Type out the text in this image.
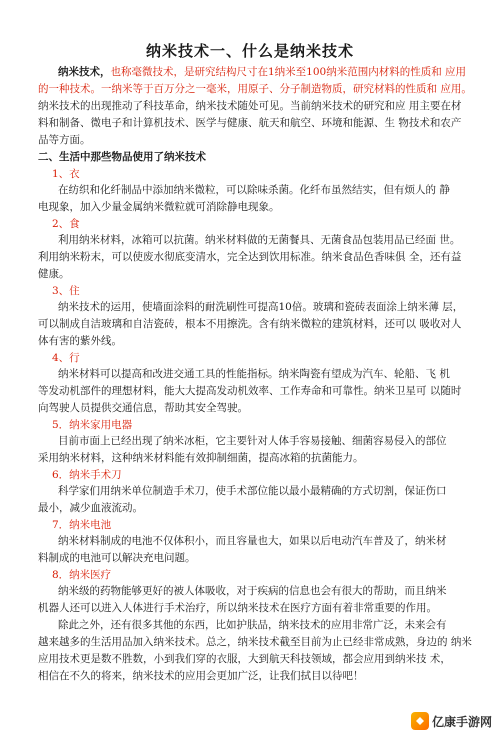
纳米技术一、什么是纳米技术
纳米技术，也称毫微技术，是研究结构尺寸在1纳米至100纳米范围内材料的性质和 应用
的一种技术。一纳米等于百万分之一毫米，用原子、分子制造物质，研究材料的性质和 应用。
纳米技术的出现推动了科技革命，纳米技术随处可见。当前纳米技术的研究和应 用主要在材
料和制备、微电子和计算机技术、医学与健康、航天和航空、环境和能源、生 物技术和农产
品等方面。
二、生活中那些物品使用了纳米技术
1、衣
在纺织和化纤制品中添加纳米微粒，可以除味杀菌。化纤布虽然结实，但有烦人的 静
电现象，加入少量金属纳米微粒就可消除静电现象。
2、食
利用纳米材料，冰箱可以抗菌。纳米材料做的无菌餐具、无菌食品包装用品已经面 世。
利用纳米粉末，可以使废水彻底变清水，完全达到饮用标准。纳米食品色香味俱 全，还有益
健康。
3、住
纳米技术的运用，使墙面涂料的耐洗刷性可提高10倍。玻璃和瓷砖表面涂上纳米薄 层，
可以制成自洁玻璃和自洁瓷砖，根本不用擦洗。含有纳米微粒的建筑材料，还可以 吸收对人
体有害的紫外线。
4、行
纳米材料可以提高和改进交通工具的性能指标。纳米陶瓷有望成为汽车、轮船、飞 机
等发动机部件的理想材料，能大大提高发动机效率、工作寿命和可靠性。纳米卫星可 以随时
向驾驶人员提供交通信息，帮助其安全驾驶。
5．纳米家用电器
目前市面上已经出现了纳米冰柜，它主要针对人体手容易接触、细菌容易侵入的部位
采用纳米材料，这种纳米材料能有效抑制细菌，提高冰箱的抗菌能力。
6．纳米手术刀
科学家们用纳米单位制造手术刀，使手术部位能以最小最精确的方式切割，保证伤口
最小，减少血液流动。
7．纳米电池
纳米材料制成的电池不仅体积小，而且容量也大，如果以后电动汽车普及了，纳米材
料制成的电池可以解决充电问题。
8．纳米医疗
纳米级的药物能够更好的被人体吸收，对于疾病的信息也会有很大的帮助，而且纳米
机器人还可以进入人体进行手术治疗，所以纳米技术在医疗方面有着非常重要的作用。
除此之外，还有很多其他的东西，比如护肤品，纳米技术的应用非常广泛，未来会有
越来越多的生活用品加入纳米技术。总之，纳米技术截至目前为止已经非常成熟，身边的 纳米
应用技术更是数不胜数，小到我们穿的衣服，大到航天科技领域，都会应用到纳米技 术，
相信在不久的将来，纳米技术的应用会更加广泛，让我们拭目以待吧！
亿康手游网
